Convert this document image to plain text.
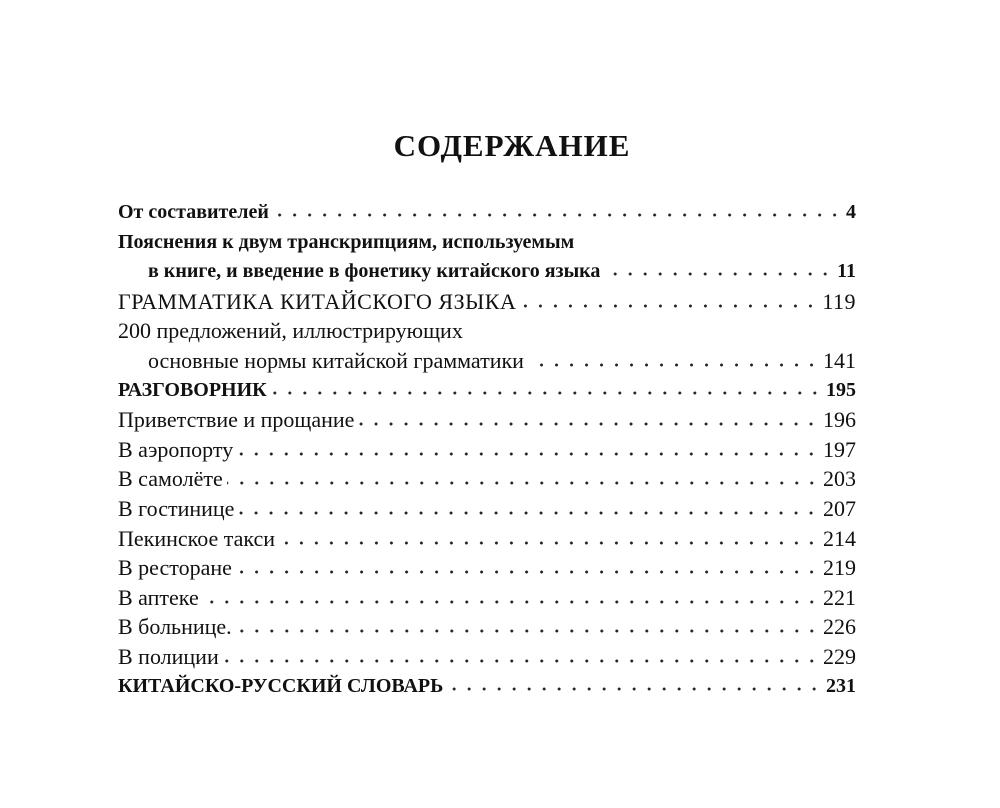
СОДЕРЖАНИЕ
От составителей	4
Пояснения к двум транскрипциям, используемым
в книге, и введение в фонетику китайского языка	11
ГРАММАТИКА КИТАЙСКОГО ЯЗЫКА	119
200 предложений, иллюстрирующих
основные нормы китайской грамматики	141
РАЗГОВОРНИК	195
Приветствие и прощание	196
В аэропорту	197
В самолёте	203
В гостинице	207
Пекинское такси	214
В ресторане	219
В аптеке	221
В больнице.	226
В полиции	229
КИТАЙСКО-РУССКИЙ СЛОВАРЬ	231
